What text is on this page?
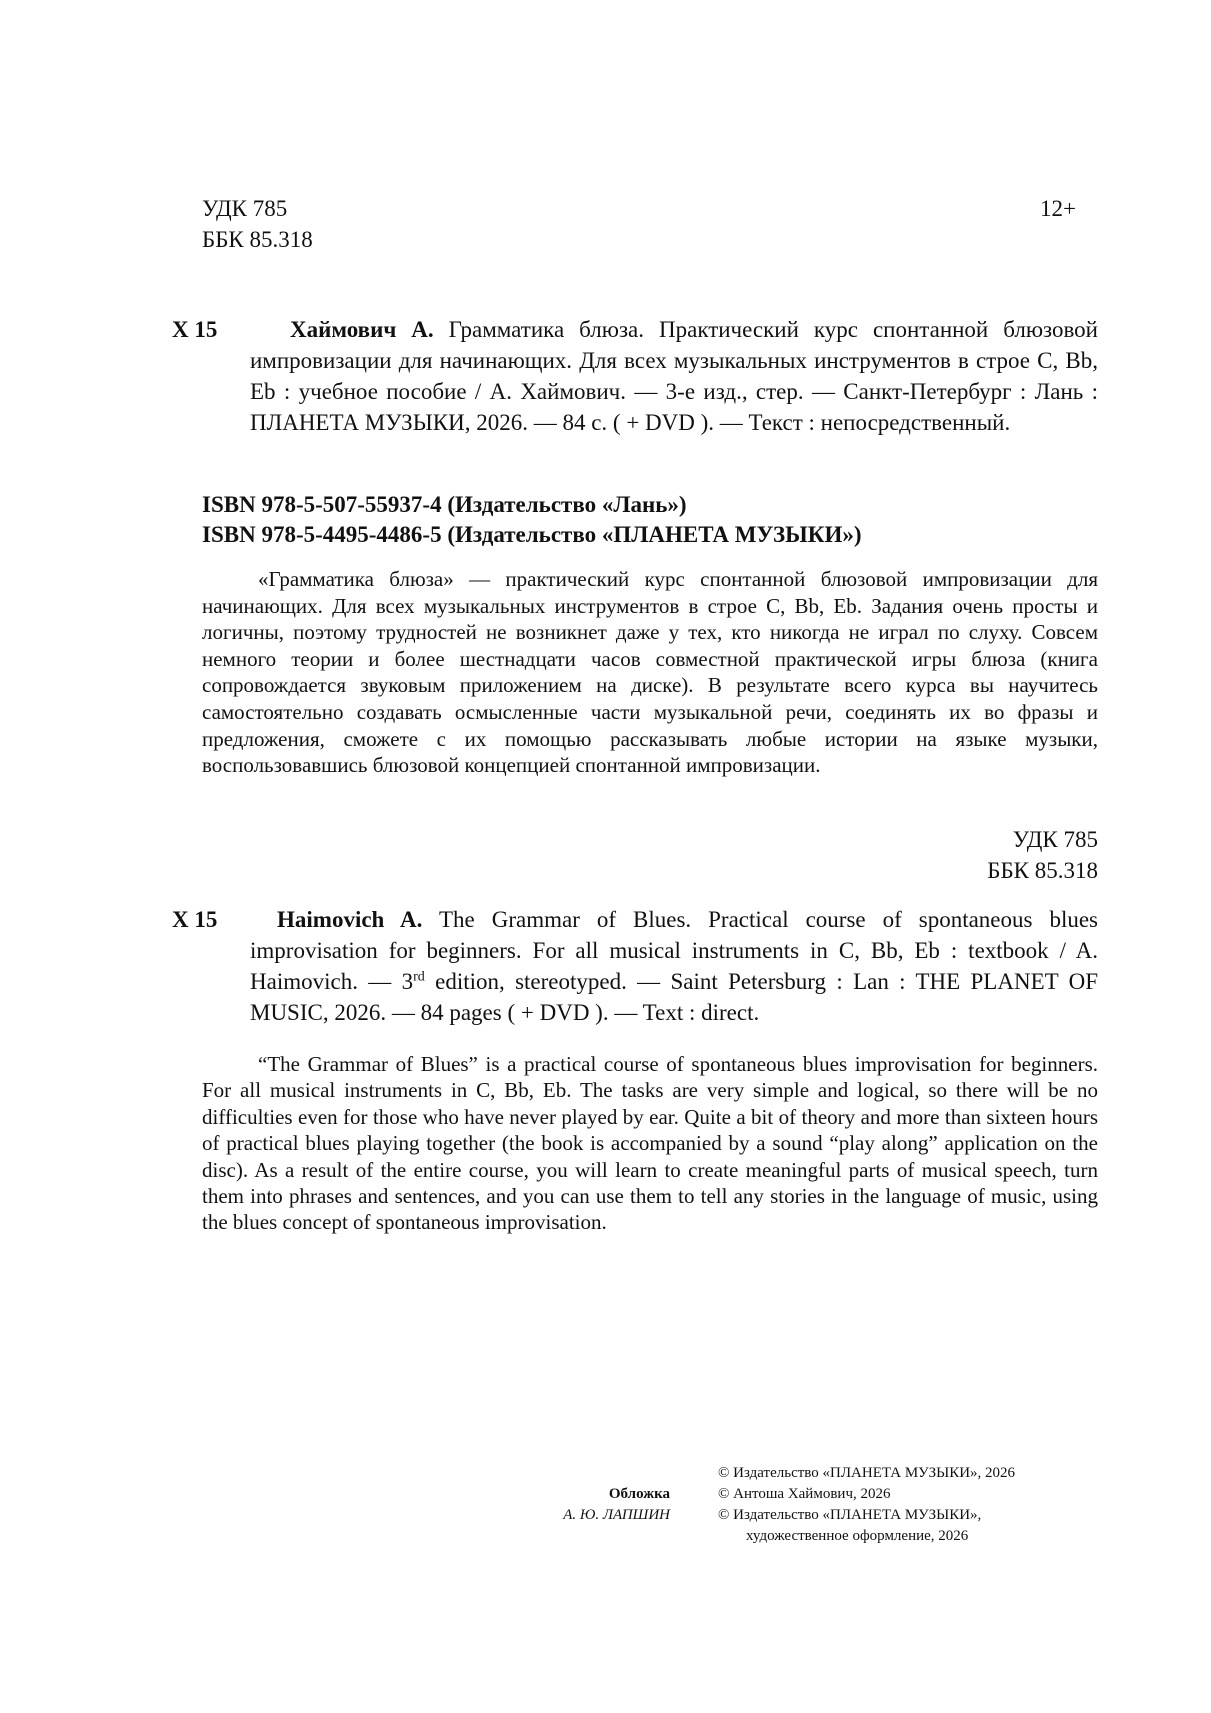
УДК 785
ББК 85.318
12+
Х 15	Хаймович А. Грамматика блюза. Практический курс спонтанной блюзовой импровизации для начинающих. Для всех музыкальных инструментов в строе C, Bb, Eb : учебное пособие / А. Хаймович. — 3-е изд., стер. — Санкт-Петербург : Лань : ПЛАНЕТА МУЗЫКИ, 2026. — 84 с. ( + DVD ). — Текст : непосредственный.
ISBN 978-5-507-55937-4 (Издательство «Лань»)
ISBN 978-5-4495-4486-5 (Издательство «ПЛАНЕТА МУЗЫКИ»)
«Грамматика блюза» — практический курс спонтанной блюзовой импровизации для начинающих. Для всех музыкальных инструментов в строе C, Bb, Eb. Задания очень просты и логичны, поэтому трудностей не возникнет даже у тех, кто никогда не играл по слуху. Совсем немного теории и более шестнадцати часов совместной практической игры блюза (книга сопровождается звуковым приложением на диске). В результате всего курса вы научитесь самостоятельно создавать осмысленные части музыкальной речи, соединять их во фразы и предложения, сможете с их помощью рассказывать любые истории на языке музыки, воспользовавшись блюзовой концепцией спонтанной импровизации.
УДК 785
ББК 85.318
Х 15	Haimovich A. The Grammar of Blues. Practical course of spontaneous blues improvisation for beginners. For all musical instruments in C, Bb, Eb : textbook / A. Haimovich. — 3rd edition, stereotyped. — Saint Petersburg : Lan : THE PLANET OF MUSIC, 2026. — 84 pages ( + DVD ). — Text : direct.
“The Grammar of Blues” is a practical course of spontaneous blues improvisation for beginners. For all musical instruments in C, Bb, Eb. The tasks are very simple and logical, so there will be no difficulties even for those who have never played by ear. Quite a bit of theory and more than sixteen hours of practical blues playing together (the book is accompanied by a sound “play along” application on the disc). As a result of the entire course, you will learn to create meaningful parts of musical speech, turn them into phrases and sentences, and you can use them to tell any stories in the language of music, using the blues concept of spontaneous improvisation.
Обложка
А. Ю. ЛАПШИН
© Издательство «ПЛАНЕТА МУЗЫКИ», 2026
© Антоша Хаймович, 2026
© Издательство «ПЛАНЕТА МУЗЫКИ»,
художественное оформление, 2026
